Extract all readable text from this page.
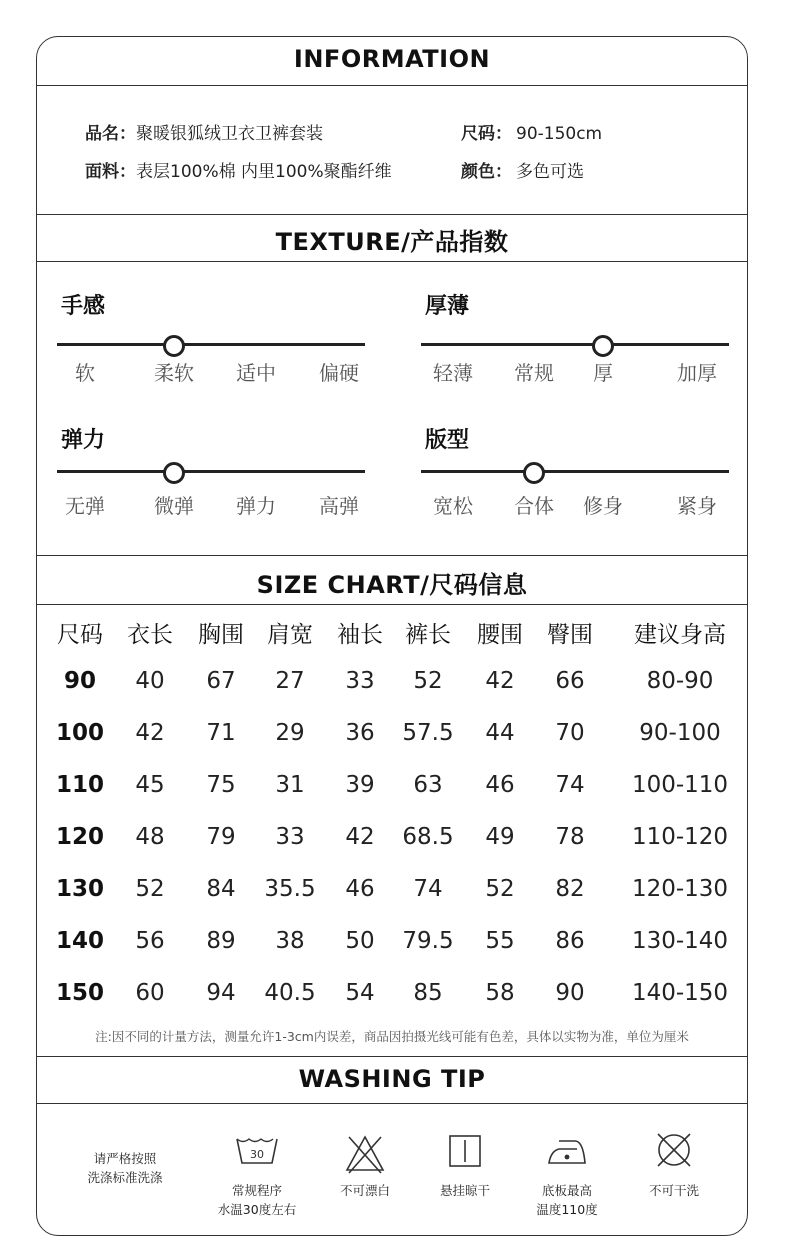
INFORMATION
品名：聚暖银狐绒卫衣卫裤套装	尺码： 90-150cm
面料：表层100%棉 内里100%聚酯纤维	颜色： 多色可选
TEXTURE/产品指数
SIZE CHART/尺码信息
注:因不同的计量方法，测量允许1-3cm内误差，商品因拍摄光线可能有色差，具体以实物为准，单位为厘米
WASHING TIP
请严格按照
洗涤标准洗涤
30
手感
软	柔软 适中 偏硬
厚薄
轻薄 常规 厚	加厚
弹力
无弹 微弹 弹力 高弹
版型
宽松 合体 修身	紧身
尺码 衣长 胸围 肩宽 袖长 裤长 腰围 臀围 建议身高
90 40 67 27 33 52 42 66	80-90
100 42 71 29 36 57.5 44 70 90-100
110 45 75 31 39 63 46 74 100-110
120 48 79 33 42 68.5 49 78 110-120
130 52 84 35.5 46 74 52 82 120-130
140 56 89 38 50 79.5 55 86 130-140
150 60 94 40.5 54 85 58 90 140-150
常规程序
水温30度左右
不可漂白	悬挂晾干	底板最高
温度110度
不可干洗
